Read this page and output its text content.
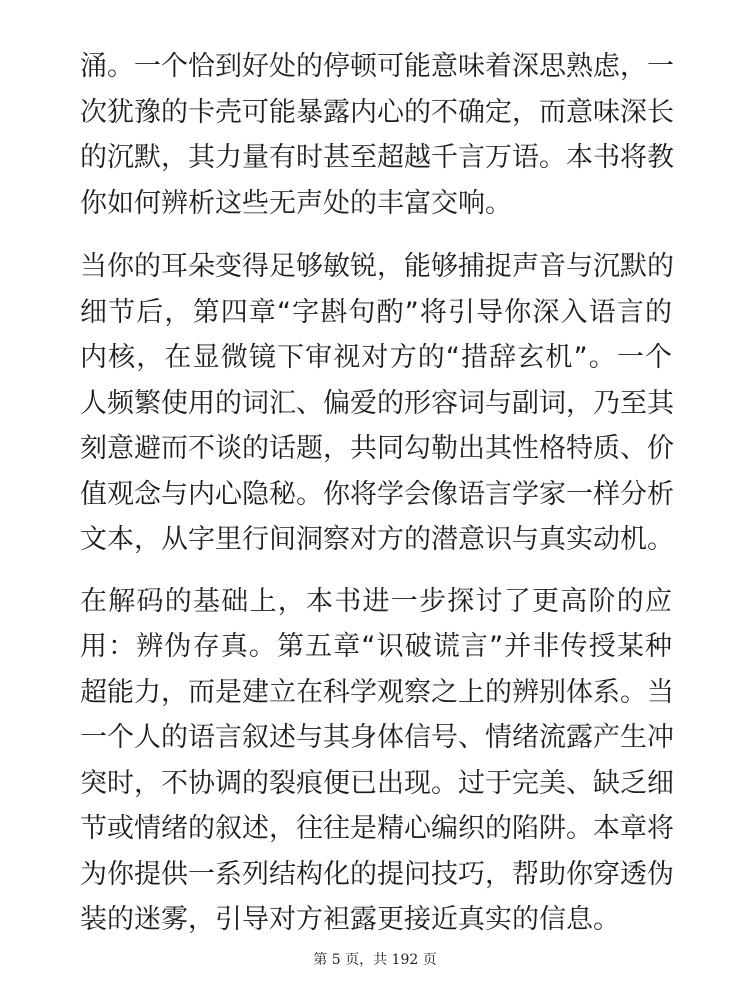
涌。一个恰到好处的停顿可能意味着深思熟虑，一
次犹豫的卡壳可能暴露内心的不确定，而意味深长
的沉默，其力量有时甚至超越千言万语。本书将教
你如何辨析这些无声处的丰富交响。

当你的耳朵变得足够敏锐，能够捕捉声音与沉默的
细节后，第四章“字斟句酌”将引导你深入语言的
内核，在显微镜下审视对方的“措辞玄机”。一个
人频繁使用的词汇、偏爱的形容词与副词，乃至其
刻意避而不谈的话题，共同勾勒出其性格特质、价
值观念与内心隐秘。你将学会像语言学家一样分析
文本，从字里行间洞察对方的潜意识与真实动机。

在解码的基础上，本书进一步探讨了更高阶的应
用：辨伪存真。第五章“识破谎言”并非传授某种
超能力，而是建立在科学观察之上的辨别体系。当
一个人的语言叙述与其身体信号、情绪流露产生冲
突时，不协调的裂痕便已出现。过于完美、缺乏细
节或情绪的叙述，往往是精心编织的陷阱。本章将
为你提供一系列结构化的提问技巧，帮助你穿透伪
装的迷雾，引导对方袒露更接近真实的信息。

第 5 页，共 192 页
